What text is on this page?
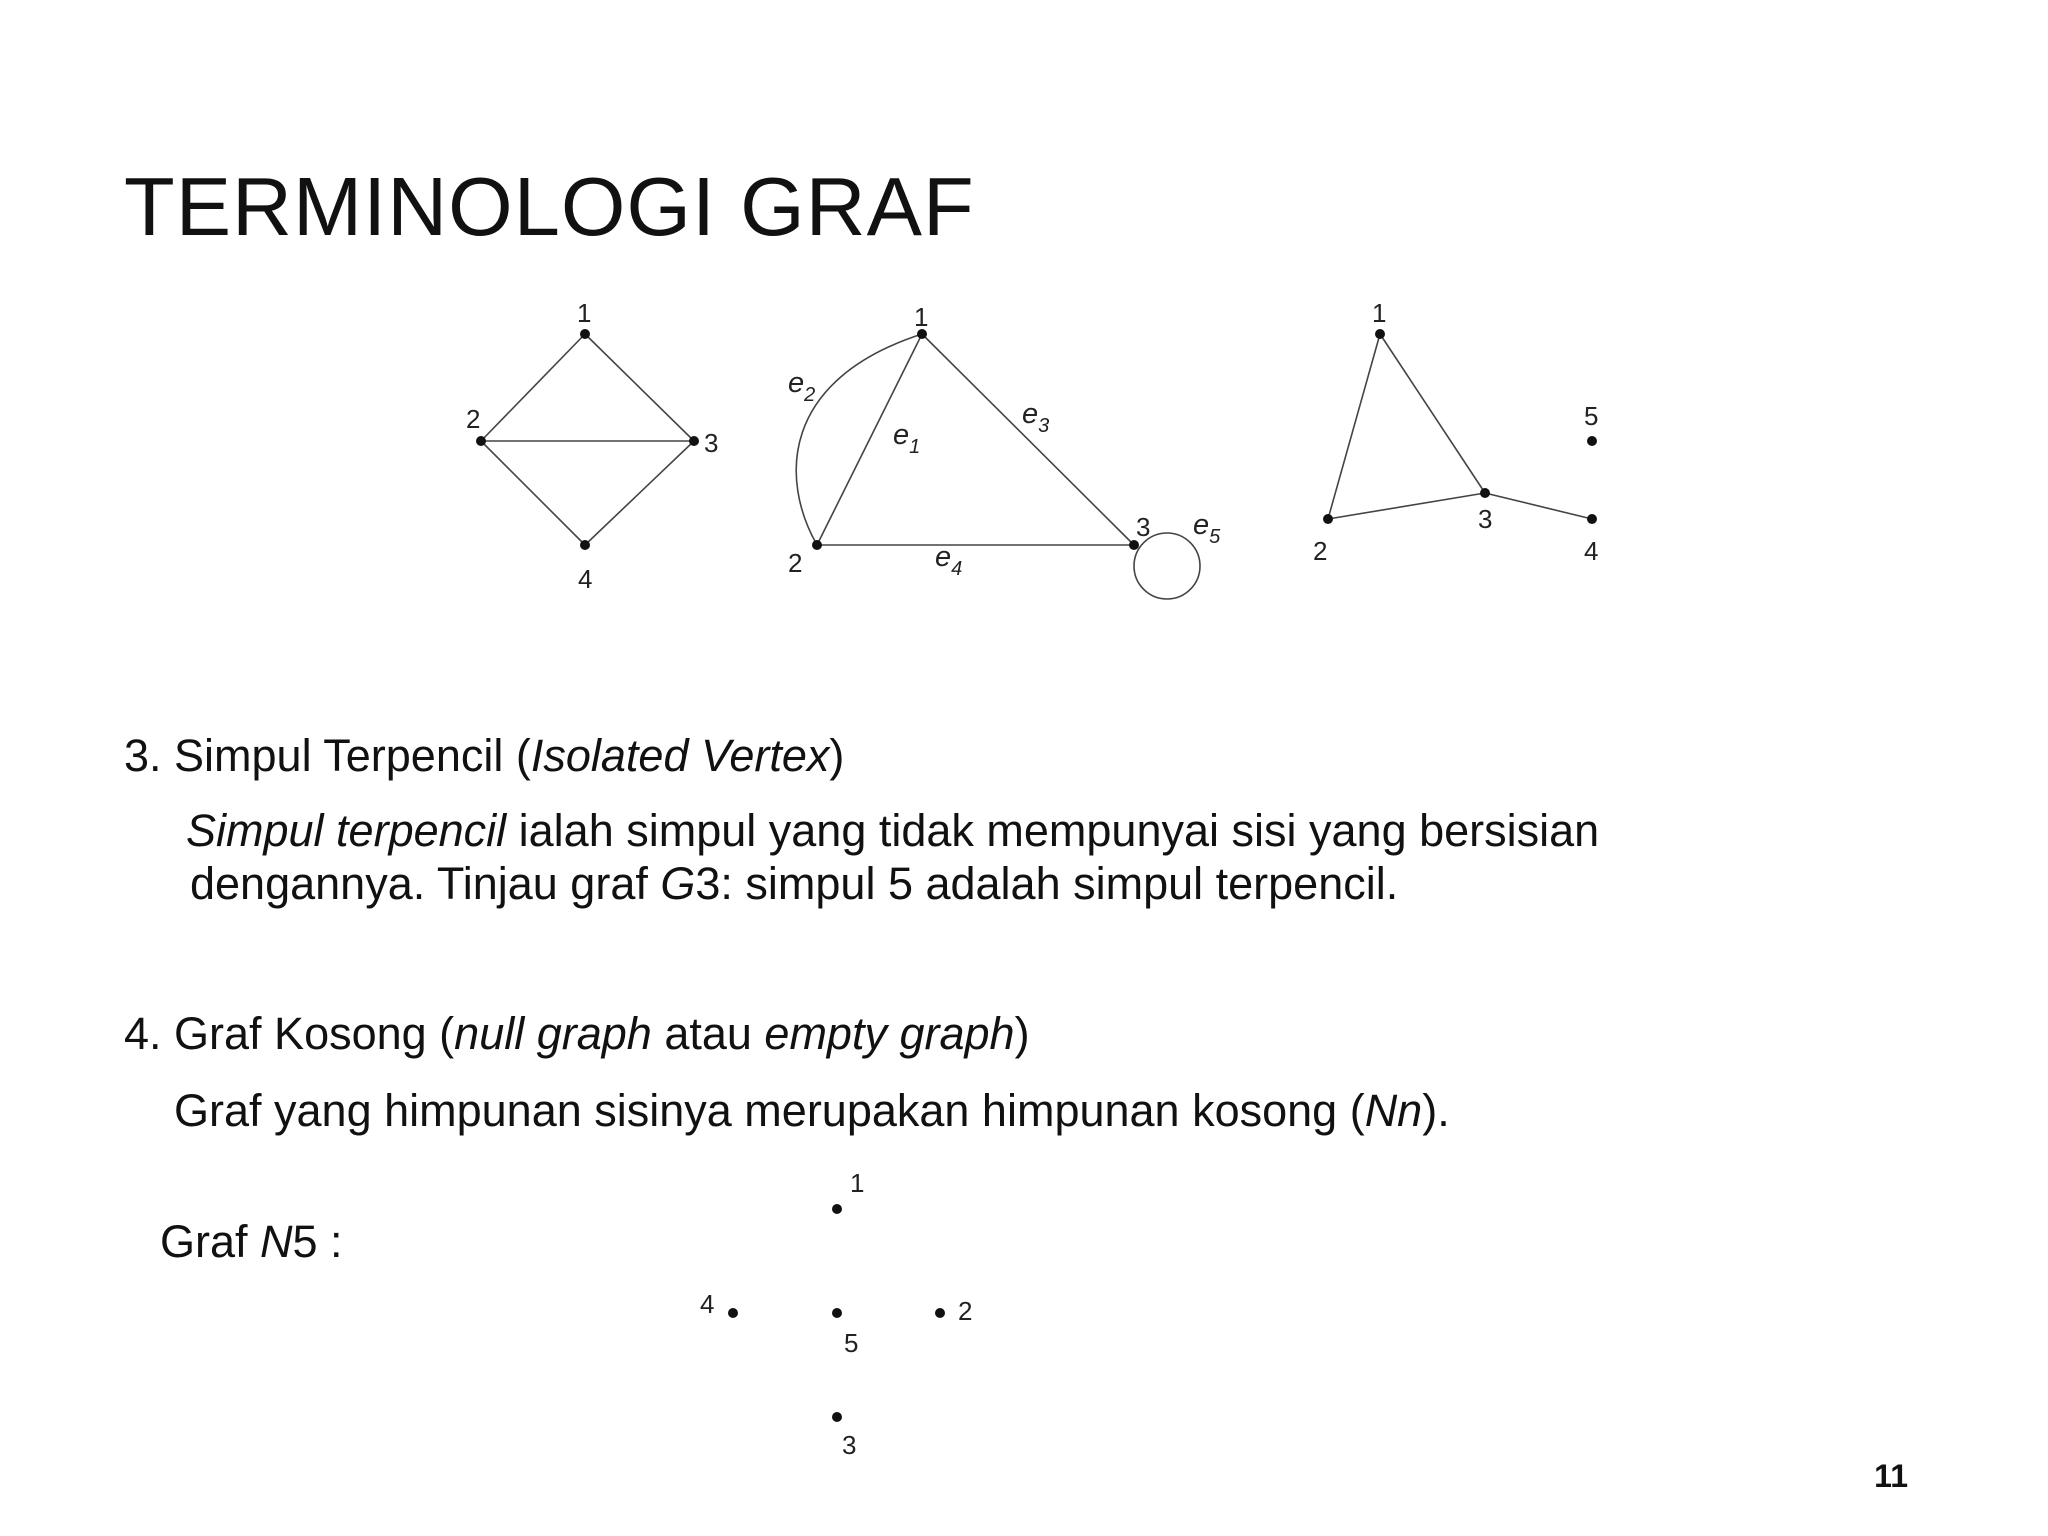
TERMINOLOGI GRAF
1
2
3
4
1
2
3
$e_1$
$e_2$
$e_3$
$e_4$
$e_5$
1
2
3
4
5
1
2
3
4
5
3. Simpul Terpencil (Isolated Vertex)
Simpul terpencil ialah simpul yang tidak mempunyai sisi yang bersisian
dengannya. Tinjau graf G3: simpul 5 adalah simpul terpencil.
4. Graf Kosong (null graph atau empty graph)
Graf yang himpunan sisinya merupakan himpunan kosong (Nn).
Graf N5 :
11
